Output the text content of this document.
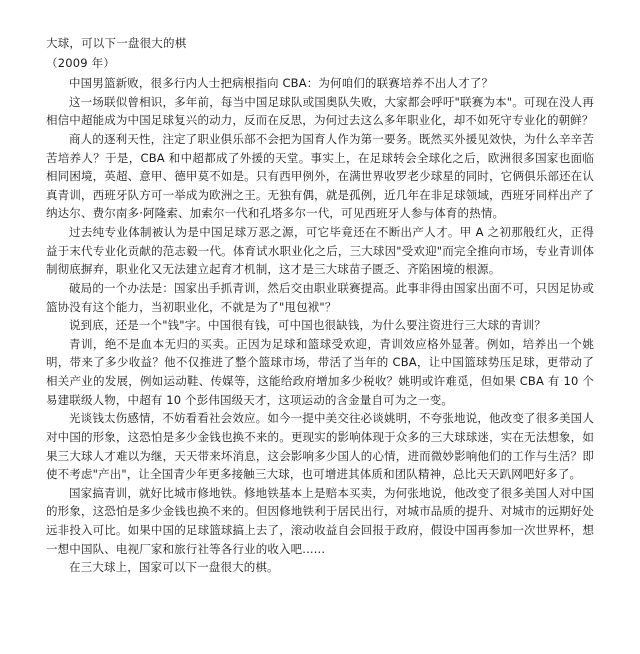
大球，可以下一盘很大的棋
（2009 年）

中国男篮新败，很多行内人士把病根指向 CBA：为何咱们的联赛培养不出人才了？

这一场联似曾相识，多年前，每当中国足球队或国奥队失败，大家都会呼吁"联赛为本"。可现在没人再相信中超能成为中国足球复兴的动力，反而在反思，为何过去这么多年职业化，却不如死守专业化的朝鲜？

商人的逐利天性，注定了职业俱乐部不会把为国育人作为第一要务。既然买外援见效快，为什么辛辛苦苦培养人？于是，CBA 和中超都成了外援的天堂。事实上，在足球转会全球化之后，欧洲很多国家也面临相同困境，英超、意甲、德甲莫不如是。只有西甲例外，在满世界收罗老少球星的同时，它俩俱乐部还在认真青训，西班牙队方可一举成为欧洲之王。无独有偶，就是孤例，近几年在非足球领域，西班牙同样出产了纳达尔、费尔南多·阿隆索、加索尔一代和孔塔多尔一代，可见西班牙人参与体育的热情。

过去纯专业体制被认为是中国足球万恶之源，可它毕竟还在不断出产人才。甲 A 之初那般红火，正得益于末代专业化贡献的范志毅一代。体育试水职业化之后，三大球因"受欢迎"而完全推向市场，专业青训体制彻底摒弃，职业化又无法建立起育才机制，这才是三大球苗子匮乏、齐陷困境的根源。

破局的一个办法是：国家出手抓青训，然后交由职业联赛提高。此事非得由国家出面不可，只因足协或篮协没有这个能力，当初职业化，不就是为了"甩包袱"？

说到底，还是一个"钱"字。中国很有钱，可中国也很缺钱，为什么要注资进行三大球的青训？

青训，绝不是血本无归的买卖。正因为足球和篮球受欢迎，青训效应格外显著。例如，培养出一个姚明，带来了多少收益？他不仅推进了整个篮球市场，带活了当年的 CBA，让中国篮球势压足球，更带动了相关产业的发展，例如运动鞋、传媒等，这能给政府增加多少税收？姚明或许难觅，但如果 CBA 有 10 个易建联级人物，中超有 10 个彭伟国级天才，这项运动的含金量自可为之一变。

光谈钱太伤感情，不妨看看社会效应。如今一提中美交往必谈姚明，不夸张地说，他改变了很多美国人对中国的形象，这恐怕是多少金钱也换不来的。更现实的影响体现于众多的三大球球迷，实在无法想象，如果三大球人才难以为继，天天带来坏消息，这会影响多少国人的心情，进而微妙影响他们的工作与生活？即使不考虑"产出"，让全国青少年更多接触三大球，也可增进其体质和团队精神，总比天天趴网吧好多了。

国家搞青训，就好比城市修地铁。修地铁基本上是赔本买卖，为何张地说，他改变了很多美国人对中国的形象，这恐怕是多少金钱也换不来的。但因修地铁利于居民出行，对城市品质的提升、对城市的远期好处远非投入可比。如果中国的足球篮球搞上去了，滚动收益自会回报于政府，假设中国再参加一次世界杯，想一想中国队、电视厂家和旅行社等各行业的收入吧......

在三大球上，国家可以下一盘很大的棋。
